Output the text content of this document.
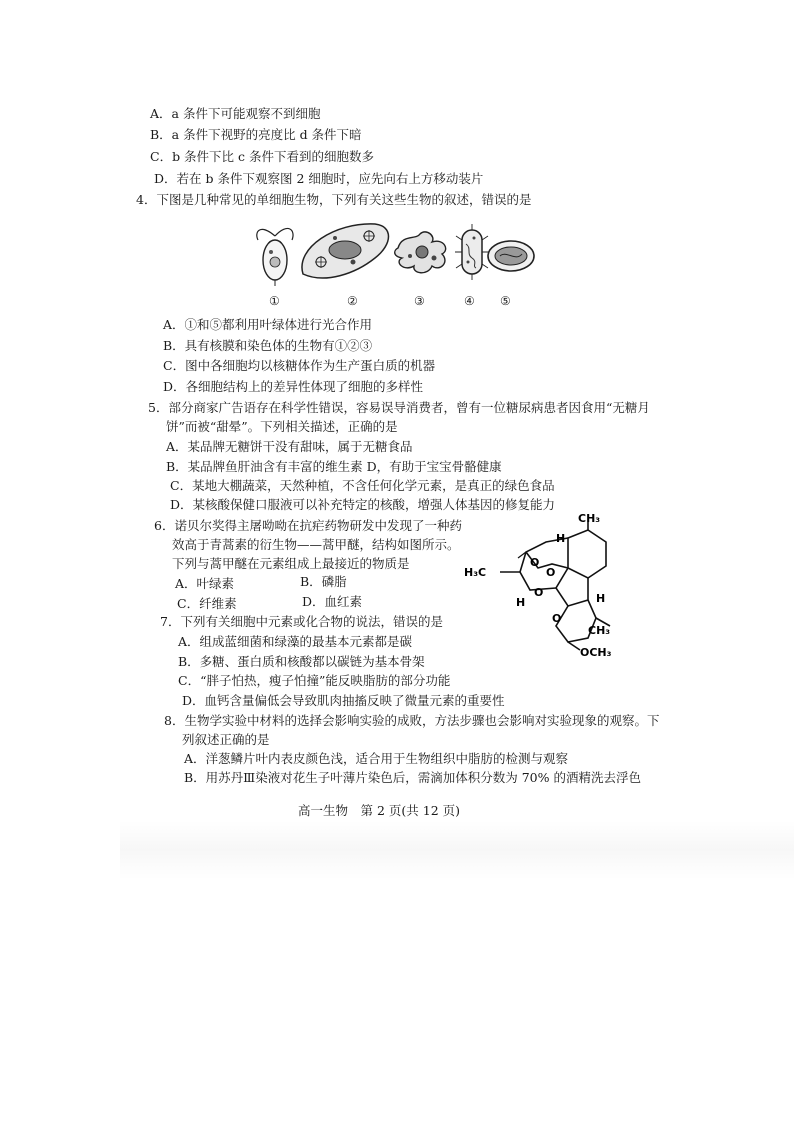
A．a 条件下可能观察不到细胞
B．a 条件下视野的亮度比 d 条件下暗
C．b 条件下比 c 条件下看到的细胞数多
D．若在 b 条件下观察图 2 细胞时，应先向右上方移动装片
4．下图是几种常见的单细胞生物，下列有关这些生物的叙述，错误的是
①	②	③	④ ⑤
A．①和⑤都利用叶绿体进行光合作用
B．具有核膜和染色体的生物有①②③
C．图中各细胞均以核糖体作为生产蛋白质的机器
D．各细胞结构上的差异性体现了细胞的多样性
5．部分商家广告语存在科学性错误，容易误导消费者，曾有一位糖尿病患者因食用“无糖月
饼”而被“甜晕”。下列相关描述，正确的是
A．某品牌无糖饼干没有甜味，属于无糖食品
B．某品牌鱼肝油含有丰富的维生素 D，有助于宝宝骨骼健康
C．某地大棚蔬菜，天然种植，不含任何化学元素，是真正的绿色食品
D．某核酸保健口服液可以补充特定的核酸，增强人体基因的修复能力
6．诺贝尔奖得主屠呦呦在抗疟药物研发中发现了一种药
效高于青蒿素的衍生物——蒿甲醚，结构如图所示。
下列与蒿甲醚在元素组成上最接近的物质是
A．叶绿素	B．磷脂
C．纤维素	D．血红素
CH₃
H₃C
H
H	H
CH₃
O
O
O
O
OCH₃
7．下列有关细胞中元素或化合物的说法，错误的是
A．组成蓝细菌和绿藻的最基本元素都是碳
B．多糖、蛋白质和核酸都以碳链为基本骨架
C．“胖子怕热，瘦子怕撞”能反映脂肪的部分功能
D．血钙含量偏低会导致肌肉抽搐反映了微量元素的重要性
8．生物学实验中材料的选择会影响实验的成败，方法步骤也会影响对实验现象的观察。下
列叙述正确的是
A．洋葱鳞片叶内表皮颜色浅，适合用于生物组织中脂肪的检测与观察
B．用苏丹Ⅲ染液对花生子叶薄片染色后，需滴加体积分数为 70% 的酒精洗去浮色
高一生物　第 2 页(共 12 页)
